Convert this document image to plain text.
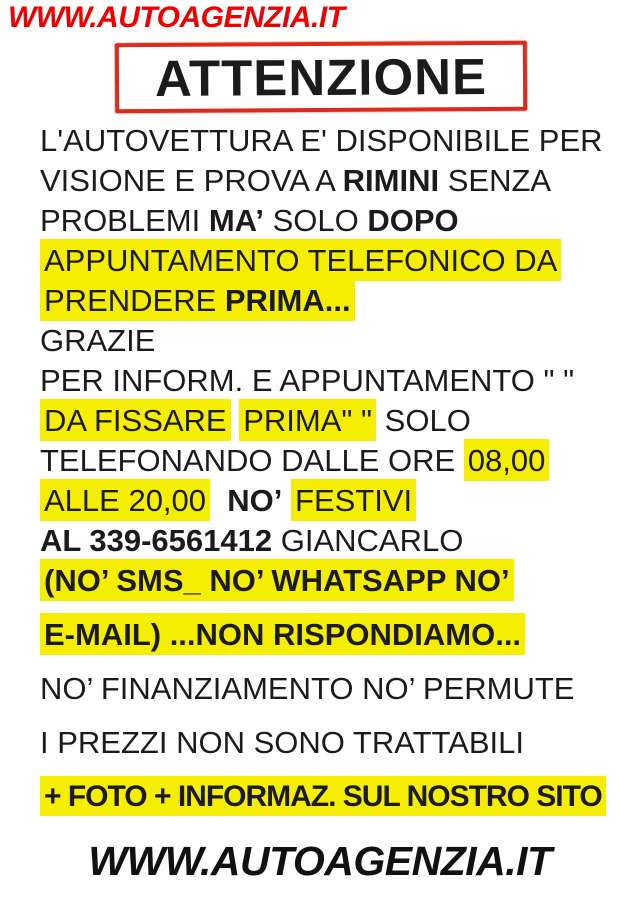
WWW.AUTOAGENZIA.IT
ATTENZIONE
L'AUTOVETTURA E' DISPONIBILE PER
VISIONE E PROVA A RIMINI SENZA
PROBLEMI MA’ SOLO DOPO
APPUNTAMENTO TELEFONICO DA
PRENDERE PRIMA...
GRAZIE
PER INFORM. E APPUNTAMENTO " "
DA FISSARE PRIMA" " SOLO
TELEFONANDO DALLE ORE 08,00
ALLE 20,00 NO’ FESTIVI
AL 339-6561412 GIANCARLO
(NO’ SMS_ NO’ WHATSAPP NO’
E-MAIL) ...NON RISPONDIAMO...
NO’ FINANZIAMENTO NO’ PERMUTE
I PREZZI NON SONO TRATTABILI
+ FOTO + INFORMAZ. SUL NOSTRO SITO
WWW.AUTOAGENZIA.IT
